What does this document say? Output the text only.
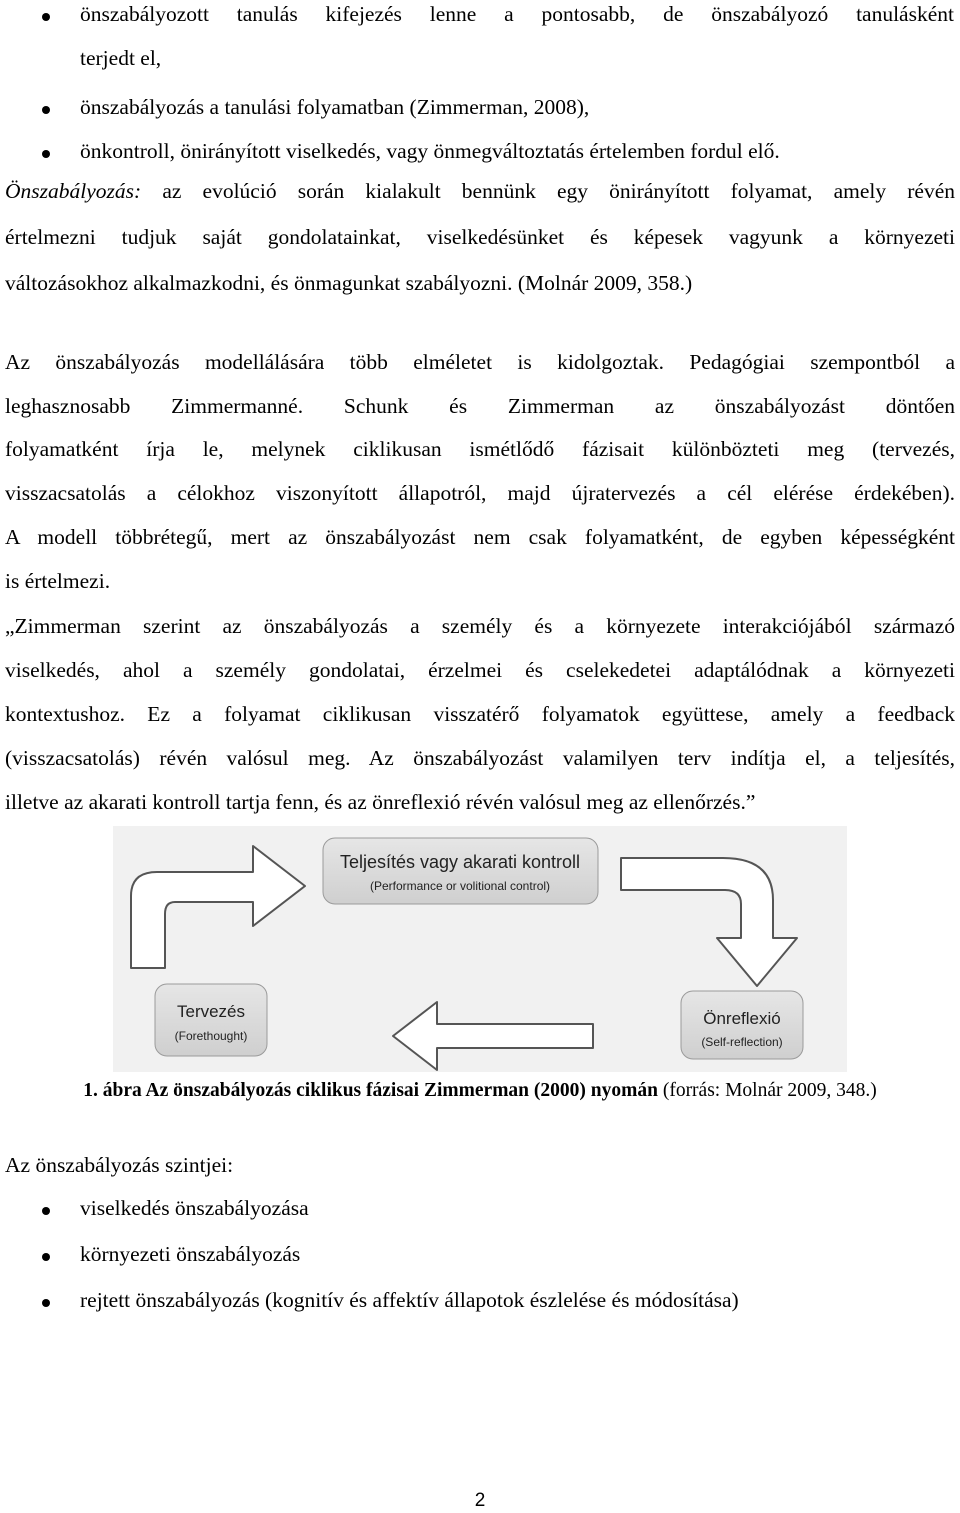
önszabályozott tanulás kifejezés lenne a pontosabb, de önszabályozó tanulásként
terjedt el,
önszabályozás a tanulási folyamatban (Zimmerman, 2008),
önkontroll, önirányított viselkedés, vagy önmegváltoztatás értelemben fordul elő.
Önszabályozás: az evolúció során kialakult bennünk egy önirányított folyamat, amely révén
értelmezni tudjuk saját gondolatainkat, viselkedésünket és képesek vagyunk a környezeti
változásokhoz alkalmazkodni, és önmagunkat szabályozni. (Molnár 2009, 358.)
Az önszabályozás modellálására több elméletet is kidolgoztak. Pedagógiai szempontból a
leghasznosabb Zimmermanné. Schunk és Zimmerman az önszabályozást döntően
folyamatként írja le, melynek ciklikusan ismétlődő fázisait különbözteti meg (tervezés,
visszacsatolás a célokhoz viszonyított állapotról, majd újratervezés a cél elérése érdekében).
A modell többrétegű, mert az önszabályozást nem csak folyamatként, de egyben képességként
is értelmezi.
„Zimmerman szerint az önszabályozás a személy és a környezete interakciójából származó
viselkedés, ahol a személy gondolatai, érzelmei és cselekedetei adaptálódnak a környezeti
kontextushoz. Ez a folyamat ciklikusan visszatérő folyamatok együttese, amely a feedback
(visszacsatolás) révén valósul meg. Az önszabályozást valamilyen terv indítja el, a teljesítés,
illetve az akarati kontroll tartja fenn, és az önreflexió révén valósul meg az ellenőrzés.”
Teljesítés vagy akarati kontroll
(Performance or volitional control)
Tervezés
(Forethought)
Önreflexió
(Self-reflection)
1. ábra Az önszabályozás ciklikus fázisai Zimmerman (2000) nyomán (forrás: Molnár 2009, 348.)
Az önszabályozás szintjei:
viselkedés önszabályozása
környezeti önszabályozás
rejtett önszabályozás (kognitív és affektív állapotok észlelése és módosítása)
2
